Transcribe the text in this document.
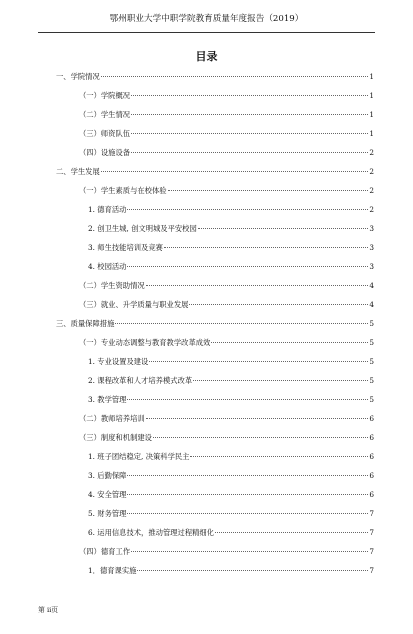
鄂州职业大学中职学院教育质量年度报告（2019）
目录
一、学院情况	1
（一）学院概况	1
（二）学生情况	1
（三）师资队伍	1
（四）设施设备	2
二、学生发展	2
（一）学生素质与在校体验	2
1. 德育活动	2
2. 创卫生城, 创文明城及平安校园	3
3. 师生技能培训及竞赛	3
4. 校园活动	3
（二）学生资助情况	4
（三）就业、升学质量与职业发展	4
三、质量保障措施	5
（一）专业动态调整与教育教学改革成效	5
1. 专业设置及建设	5
2. 课程改革和人才培养模式改革	5
3. 教学管理	5
（二）教师培养培训	6
（三）制度和机制建设	6
1. 班子团结稳定, 决策科学民主	6
3. 后勤保障	6
4. 安全管理	6
5. 财务管理	7
6. 运用信息技术，推动管理过程精细化	7
（四）德育工作	7
1．德育课实施	7
第 ii页
